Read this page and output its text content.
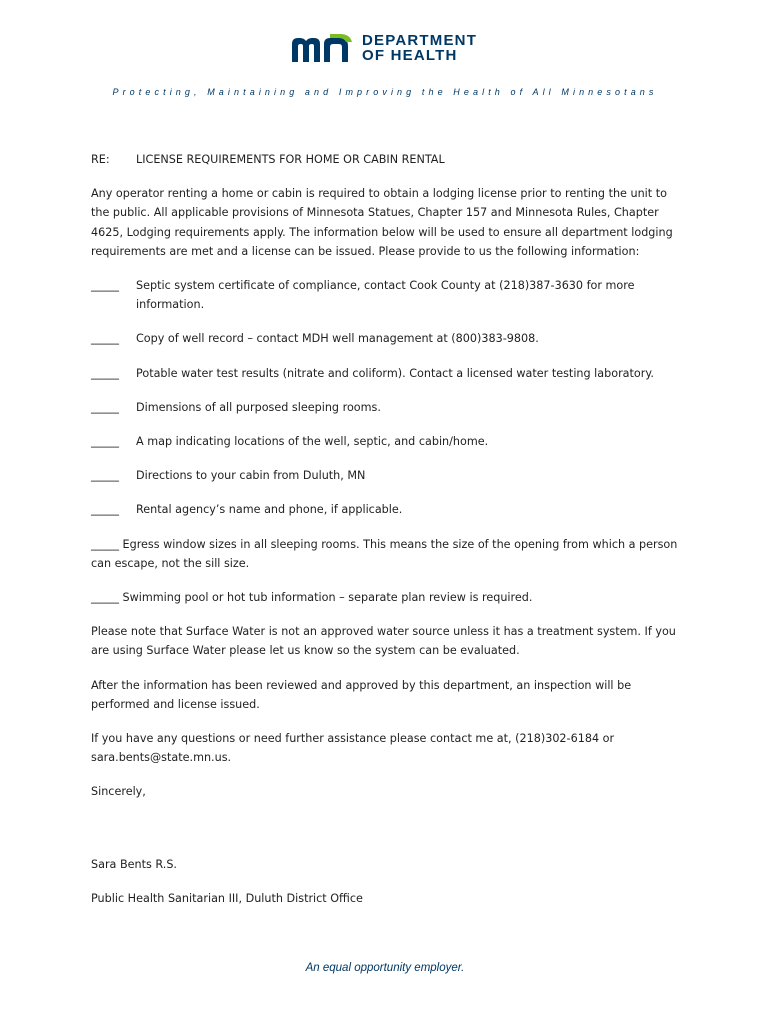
DEPARTMENT
OF HEALTH
Protecting, Maintaining and Improving the Health of All Minnesotans
RE:	LICENSE REQUIREMENTS FOR HOME OR CABIN RENTAL

Any operator renting a home or cabin is required to obtain a lodging license prior to renting the unit to the public. All applicable provisions of Minnesota Statues, Chapter 157 and Minnesota Rules, Chapter 4625, Lodging requirements apply. The information below will be used to ensure all department lodging requirements are met and a license can be issued. Please provide to us the following information:

_____	Septic system certificate of compliance, contact Cook County at (218)387-3630 for more information.
_____	Copy of well record – contact MDH well management at (800)383-9808.
_____	Potable water test results (nitrate and coliform). Contact a licensed water testing laboratory.
_____	Dimensions of all purposed sleeping rooms.
_____	A map indicating locations of the well, septic, and cabin/home.
_____	Directions to your cabin from Duluth, MN
_____	Rental agency’s name and phone, if applicable.

_____ Egress window sizes in all sleeping rooms. This means the size of the opening from which a person can escape, not the sill size.

_____ Swimming pool or hot tub information – separate plan review is required.

Please note that Surface Water is not an approved water source unless it has a treatment system. If you are using Surface Water please let us know so the system can be evaluated.

After the information has been reviewed and approved by this department, an inspection will be performed and license issued.

If you have any questions or need further assistance please contact me at, (218)302-6184 or sara.bents@state.mn.us.

Sincerely,

Sara Bents R.S.

Public Health Sanitarian III, Duluth District Office

An equal opportunity employer.
